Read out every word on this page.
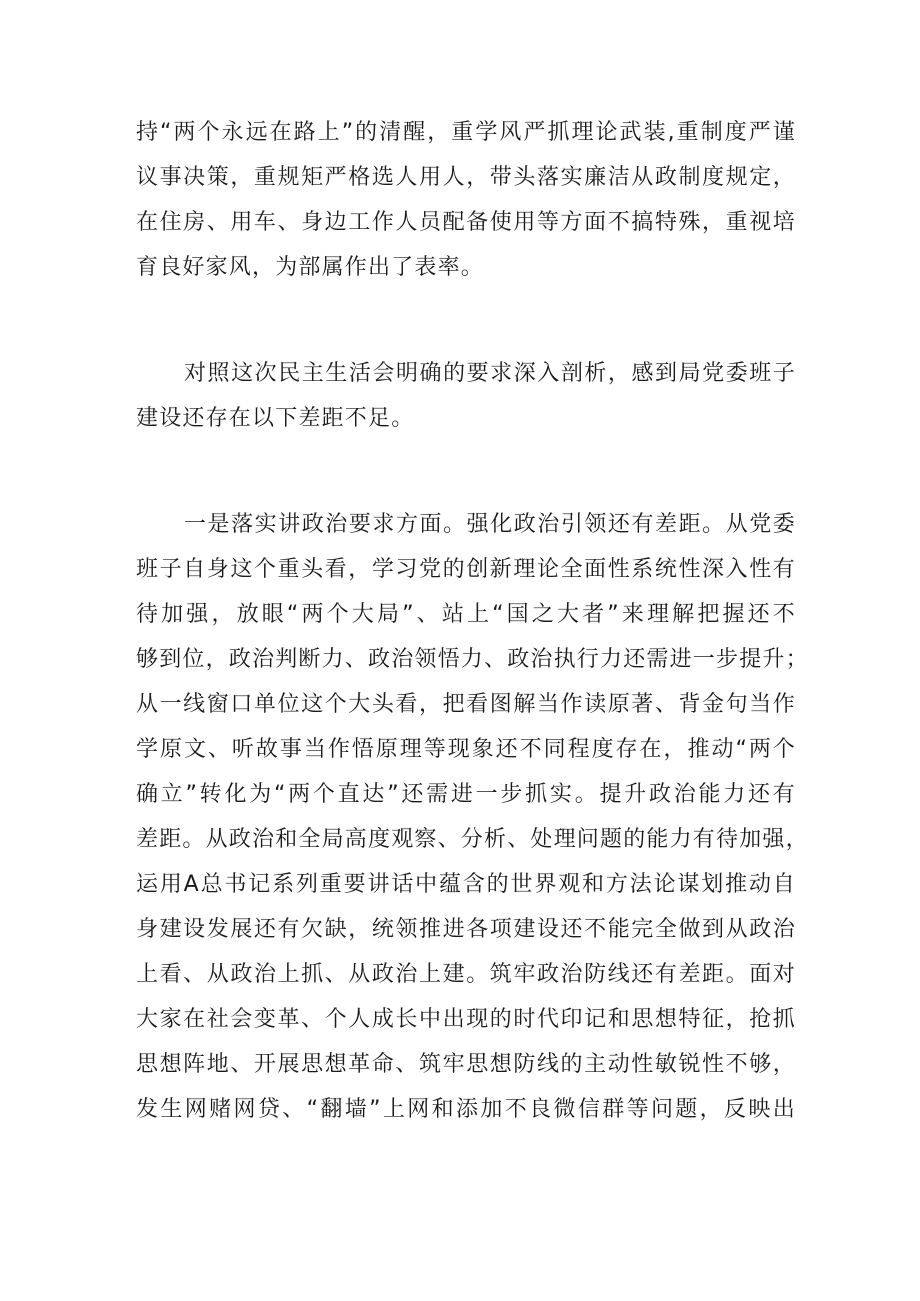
持“两个永远在路上”的清醒，重学风严抓理论武装,重制度严谨
议事决策，重规矩严格选人用人，带头落实廉洁从政制度规定，
在住房、用车、身边工作人员配备使用等方面不搞特殊，重视培
育良好家风，为部属作出了表率。
对照这次民主生活会明确的要求深入剖析，感到局党委班子
建设还存在以下差距不足。
一是落实讲政治要求方面。强化政治引领还有差距。从党委
班子自身这个重头看，学习党的创新理论全面性系统性深入性有
待加强，放眼“两个大局”、站上“国之大者”来理解把握还不
够到位，政治判断力、政治领悟力、政治执行力还需进一步提升；
从一线窗口单位这个大头看，把看图解当作读原著、背金句当作
学原文、听故事当作悟原理等现象还不同程度存在，推动“两个
确立”转化为“两个直达”还需进一步抓实。提升政治能力还有
差距。从政治和全局高度观察、分析、处理问题的能力有待加强，
运用A总书记系列重要讲话中蕴含的世界观和方法论谋划推动自
身建设发展还有欠缺，统领推进各项建设还不能完全做到从政治
上看、从政治上抓、从政治上建。筑牢政治防线还有差距。面对
大家在社会变革、个人成长中出现的时代印记和思想特征，抢抓
思想阵地、开展思想革命、筑牢思想防线的主动性敏锐性不够，
发生网赌网贷、“翻墙”上网和添加不良微信群等问题，反映出
